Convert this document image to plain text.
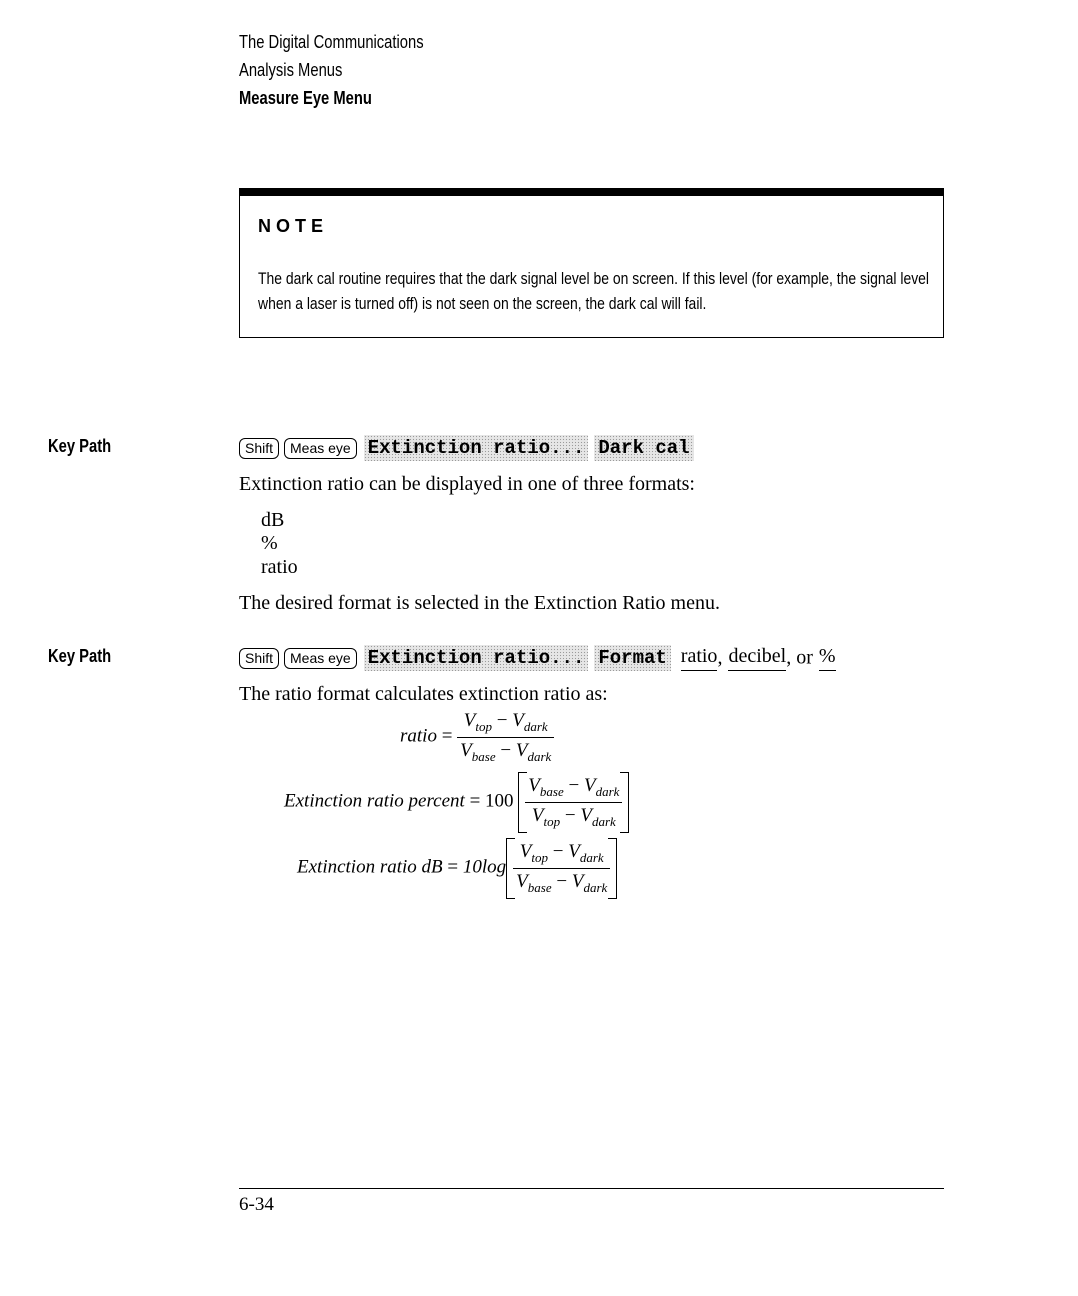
The Digital Communications
Analysis Menus
Measure Eye Menu
NOTE
The dark cal routine requires that the dark signal level be on screen. If this level (for example, the signal level when a laser is turned off) is not seen on the screen, the dark cal will fail.
Key Path	Shift Meas eye Extinction ratio... Dark cal
Extinction ratio can be displayed in one of three formats:
dB
%
ratio
The desired format is selected in the Extinction Ratio menu.
Key Path	Shift Meas eye Extinction ratio... Format ratio, decibel, or %
The ratio format calculates extinction ratio as:
ratio = $\frac{V_{top} - V_{dark}}{V_{base} - V_{dark}}$
Extinction ratio percent = $100 \frac{V_{base} - V_{dark}}{V_{top} - V_{dark}}$
Extinction ratio dB = $10\log \frac{V_{top} - V_{dark}}{V_{base} - V_{dark}}$
6-34
